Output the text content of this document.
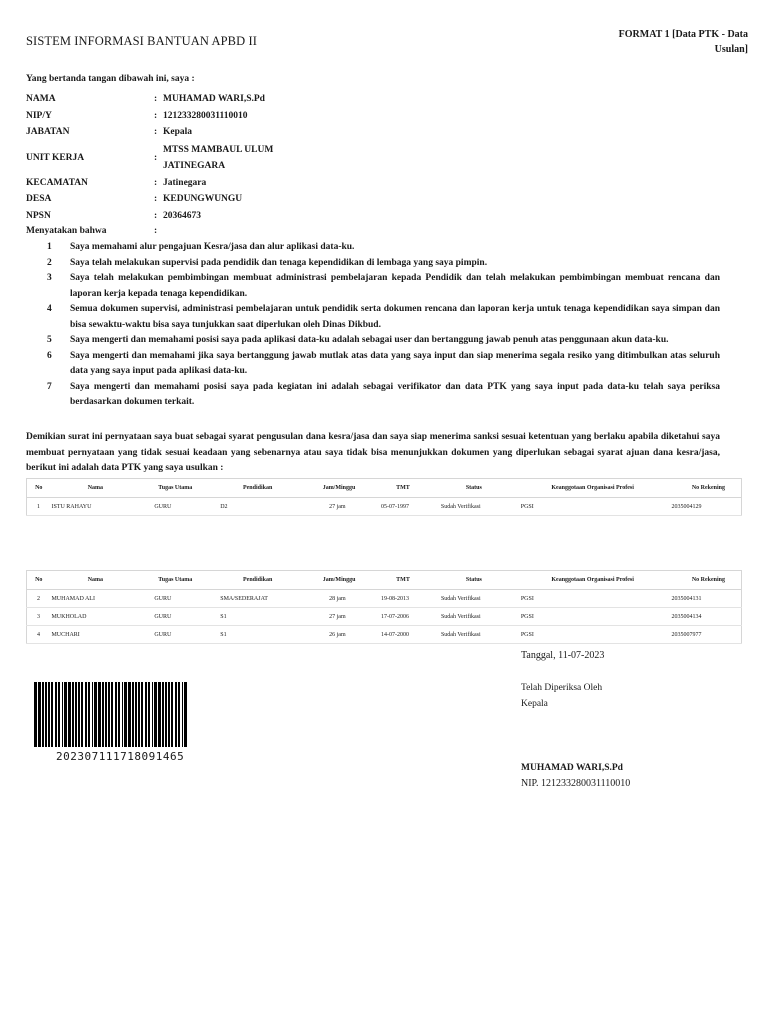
SISTEM INFORMASI BANTUAN APBD II	FORMAT 1 [Data PTK - Data Usulan]
Yang bertanda tangan dibawah ini, saya :
NAMA	:	MUHAMAD WARI,S.Pd
NIP/Y	:	121233280031110010
JABATAN	:	Kepala
UNIT KERJA	:	MTSS MAMBAUL ULUM JATINEGARA
KECAMATAN	:	Jatinegara
DESA	:	KEDUNGWUNGU
NPSN	:	20364673
Menyatakan bahwa	:
1	Saya memahami alur pengajuan Kesra/jasa dan alur aplikasi data-ku.
2	Saya telah melakukan supervisi pada pendidik dan tenaga kependidikan di lembaga yang saya pimpin.
3	Saya telah melakukan pembimbingan membuat administrasi pembelajaran kepada Pendidik dan telah melakukan pembimbingan membuat rencana dan laporan kerja kepada tenaga kependidikan.
4	Semua dokumen supervisi, administrasi pembelajaran untuk pendidik serta dokumen rencana dan laporan kerja untuk tenaga kependidikan saya simpan dan bisa sewaktu-waktu bisa saya tunjukkan saat diperlukan oleh Dinas Dikbud.
5	Saya mengerti dan memahami posisi saya pada aplikasi data-ku adalah sebagai user dan bertanggung jawab penuh atas penggunaan akun data-ku.
6	Saya mengerti dan memahami jika saya bertanggung jawab mutlak atas data yang saya input dan siap menerima segala resiko yang ditimbulkan atas seluruh data yang saya input pada aplikasi data-ku.
7	Saya mengerti dan memahami posisi saya pada kegiatan ini adalah sebagai verifikator dan data PTK yang saya input pada data-ku telah saya periksa berdasarkan dokumen terkait.
Demikian surat ini pernyataan saya buat sebagai syarat pengusulan dana kesra/jasa dan saya siap menerima sanksi sesuai ketentuan yang berlaku apabila diketahui saya membuat pernyataan yang tidak sesuai keadaan yang sebenarnya atau saya tidak bisa menunjukkan dokumen yang diperlukan sebagai syarat ajuan dana kesra/jasa, berikut ini adalah data PTK yang saya usulkan :
No	Nama	Tugas Utama	Pendidikan	Jam/Minggu	TMT	Status	Keanggotaan Organisasi Profesi	No Rekening
1	ISTU RAHAYU	GURU	D2	27 jam	05-07-1997	Sudah Verifikasi	PGSI	2035004129
No	Nama	Tugas Utama	Pendidikan	Jam/Minggu	TMT	Status	Keanggotaan Organisasi Profesi	No Rekening
2	MUHAMAD ALI	GURU	SMA/SEDERAJAT	28 jam	19-08-2013	Sudah Verifikasi	PGSI	2035004131
3	MUKHOLAD	GURU	S1	27 jam	17-07-2006	Sudah Verifikasi	PGSI	2035004134
4	MUCHARI	GURU	S1	26 jam	14-07-2000	Sudah Verifikasi	PGSI	2035007977
Tanggal, 11-07-2023
Telah Diperiksa Oleh
Kepala
MUHAMAD WARI,S.Pd
NIP. 121233280031110010
202307111718091465
